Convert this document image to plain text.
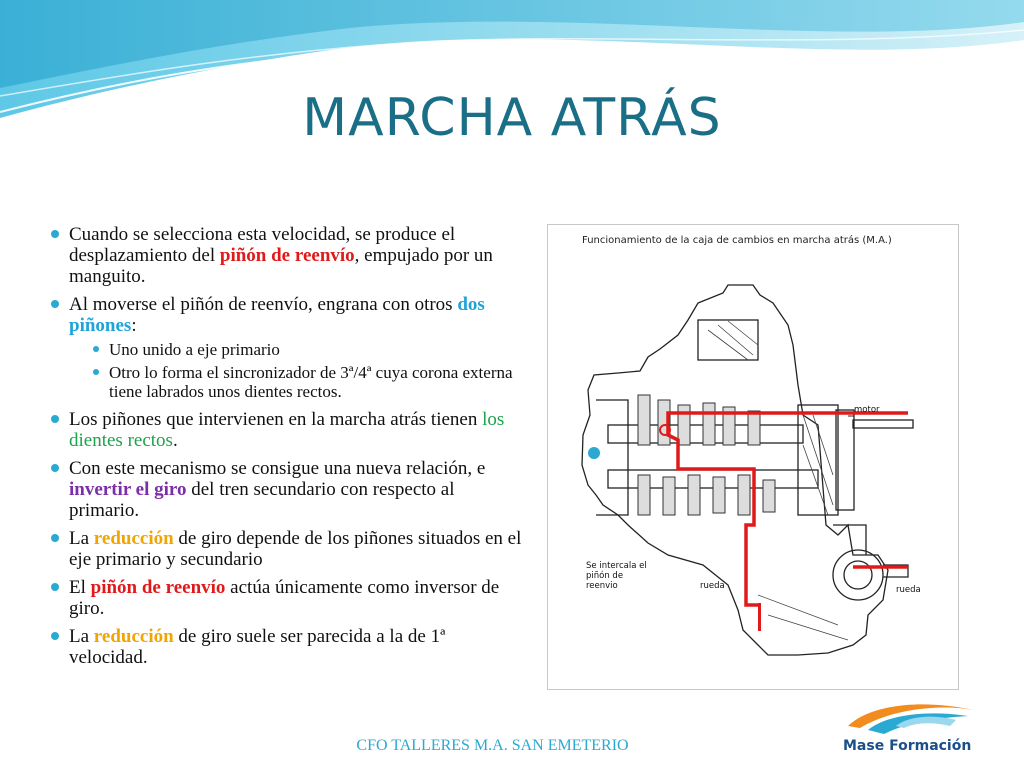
MARCHA ATRÁS
Cuando se selecciona esta velocidad, se produce el desplazamiento del piñón de reenvío, empujado por un manguito.
Al moverse el piñón de reenvío, engrana con otros dos piñones:
Uno unido a eje primario
Otro lo forma el sincronizador de 3ª/4ª cuya corona externa tiene labrados unos dientes rectos.
Los piñones que intervienen en la marcha atrás tienen los dientes rectos.
Con este mecanismo se consigue una nueva relación, e invertir el giro del tren secundario con respecto al primario.
La reducción de giro depende de los piñones situados en el eje primario y secundario
El piñón de reenvío actúa únicamente como inversor de giro.
La reducción de giro suele ser parecida a la de 1ª velocidad.

Funcionamiento de la caja de cambios en marcha atrás (M.A.)

motor
Se intercala el piñón de reenvio	rueda	rueda
CFO TALLERES M.A. SAN EMETERIO	Mase Formación
